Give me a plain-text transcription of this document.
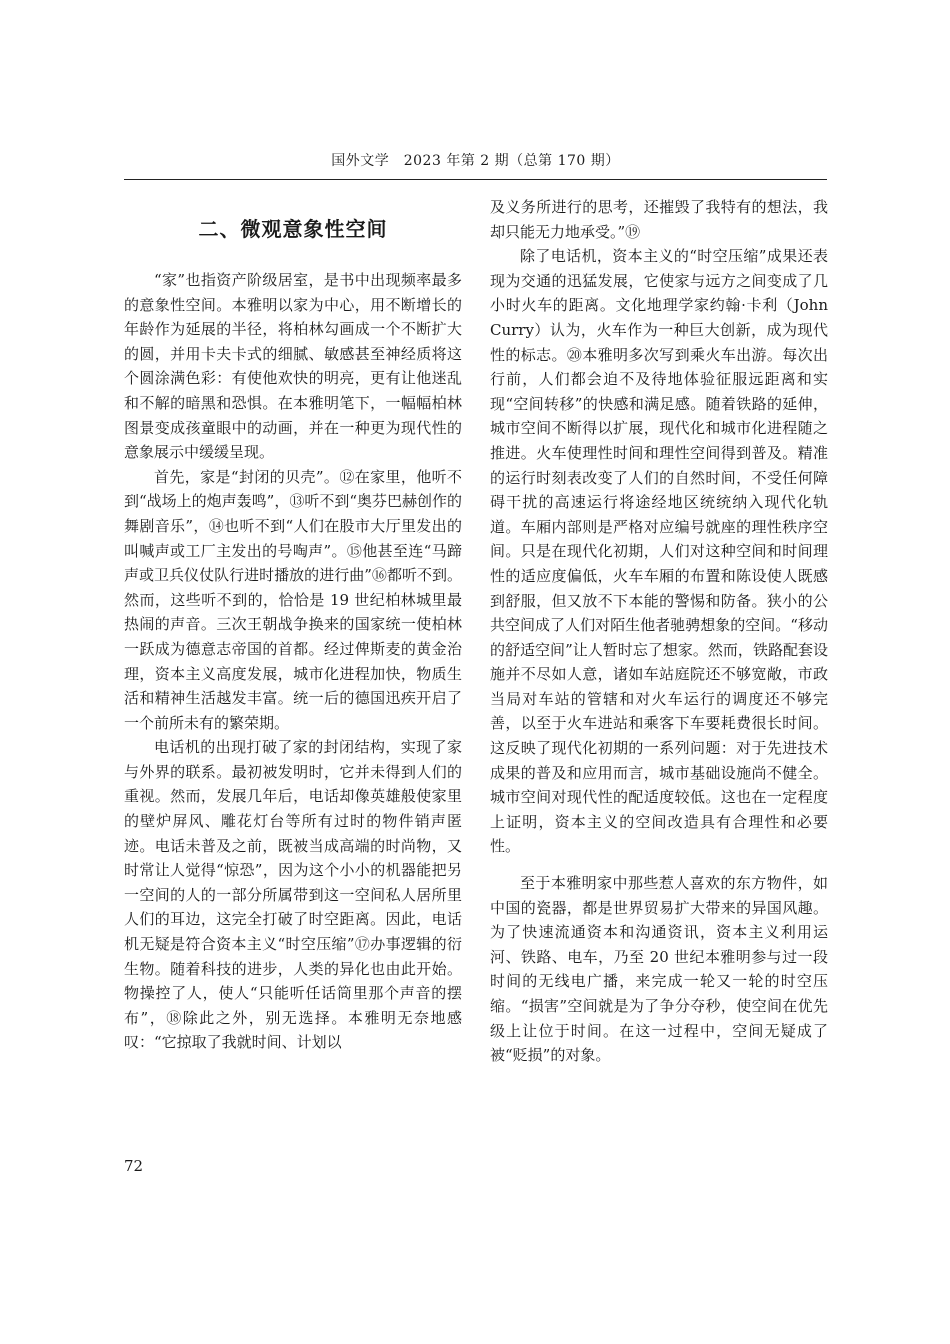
国外文学　2023 年第 2 期（总第 170 期）
二、微观意象性空间

“家”也指资产阶级居室，是书中出现频率最多的意象性空间。本雅明以家为中心，用不断增长的年龄作为延展的半径，将柏林勾画成一个不断扩大的圆，并用卡夫卡式的细腻、敏感甚至神经质将这个圆涂满色彩：有使他欢快的明亮，更有让他迷乱和不解的暗黑和恐惧。在本雅明笔下，一幅幅柏林图景变成孩童眼中的动画，并在一种更为现代性的意象展示中缓缓呈现。

首先，家是“封闭的贝壳”。⑫在家里，他听不到“战场上的炮声轰鸣”，⑬听不到“奥芬巴赫创作的舞剧音乐”，⑭也听不到“人们在股市大厅里发出的叫喊声或工厂主发出的号啕声”。⑮他甚至连“马蹄声或卫兵仪仗队行进时播放的进行曲”⑯都听不到。然而，这些听不到的，恰恰是 19 世纪柏林城里最热闹的声音。三次王朝战争换来的国家统一使柏林一跃成为德意志帝国的首都。经过俾斯麦的黄金治理，资本主义高度发展，城市化进程加快，物质生活和精神生活越发丰富。统一后的德国迅疾开启了一个前所未有的繁荣期。

电话机的出现打破了家的封闭结构，实现了家与外界的联系。最初被发明时，它并未得到人们的重视。然而，发展几年后，电话却像英雄般使家里的壁炉屏风、雕花灯台等所有过时的物件销声匿迹。电话未普及之前，既被当成高端的时尚物，又时常让人觉得“惊恐”，因为这个小小的机器能把另一空间的人的一部分所属带到这一空间私人居所里人们的耳边，这完全打破了时空距离。因此，电话机无疑是符合资本主义“时空压缩”⑰办事逻辑的衍生物。随着科技的进步，人类的异化也由此开始。物操控了人，使人“只能听任话筒里那个声音的摆布”，⑱除此之外，别无选择。本雅明无奈地感叹：“它掠取了我就时间、计划以

及义务所进行的思考，还摧毁了我特有的想法，我却只能无力地承受。”⑲

除了电话机，资本主义的“时空压缩”成果还表现为交通的迅猛发展，它使家与远方之间变成了几小时火车的距离。文化地理学家约翰·卡利（John Curry）认为，火车作为一种巨大创新，成为现代性的标志。⑳本雅明多次写到乘火车出游。每次出行前，人们都会迫不及待地体验征服远距离和实现“空间转移”的快感和满足感。随着铁路的延伸，城市空间不断得以扩展，现代化和城市化进程随之推进。火车使理性时间和理性空间得到普及。精准的运行时刻表改变了人们的自然时间，不受任何障碍干扰的高速运行将途经地区统统纳入现代化轨道。车厢内部则是严格对应编号就座的理性秩序空间。只是在现代化初期，人们对这种空间和时间理性的适应度偏低，火车车厢的布置和陈设使人既感到舒服，但又放不下本能的警惕和防备。狭小的公共空间成了人们对陌生他者驰骋想象的空间。“移动的舒适空间”让人暂时忘了想家。然而，铁路配套设施并不尽如人意，诸如车站庭院还不够宽敞，市政当局对车站的管辖和对火车运行的调度还不够完善，以至于火车进站和乘客下车要耗费很长时间。这反映了现代化初期的一系列问题：对于先进技术成果的普及和应用而言，城市基础设施尚不健全。城市空间对现代性的配适度较低。这也在一定程度上证明，资本主义的空间改造具有合理性和必要性。

至于本雅明家中那些惹人喜欢的东方物件，如中国的瓷器，都是世界贸易扩大带来的异国风趣。为了快速流通资本和沟通资讯，资本主义利用运河、铁路、电车，乃至 20 世纪本雅明参与过一段时间的无线电广播，来完成一轮又一轮的时空压缩。“损害”空间就是为了争分夺秒，使空间在优先级上让位于时间。在这一过程中，空间无疑成了被“贬损”的对象。

72
